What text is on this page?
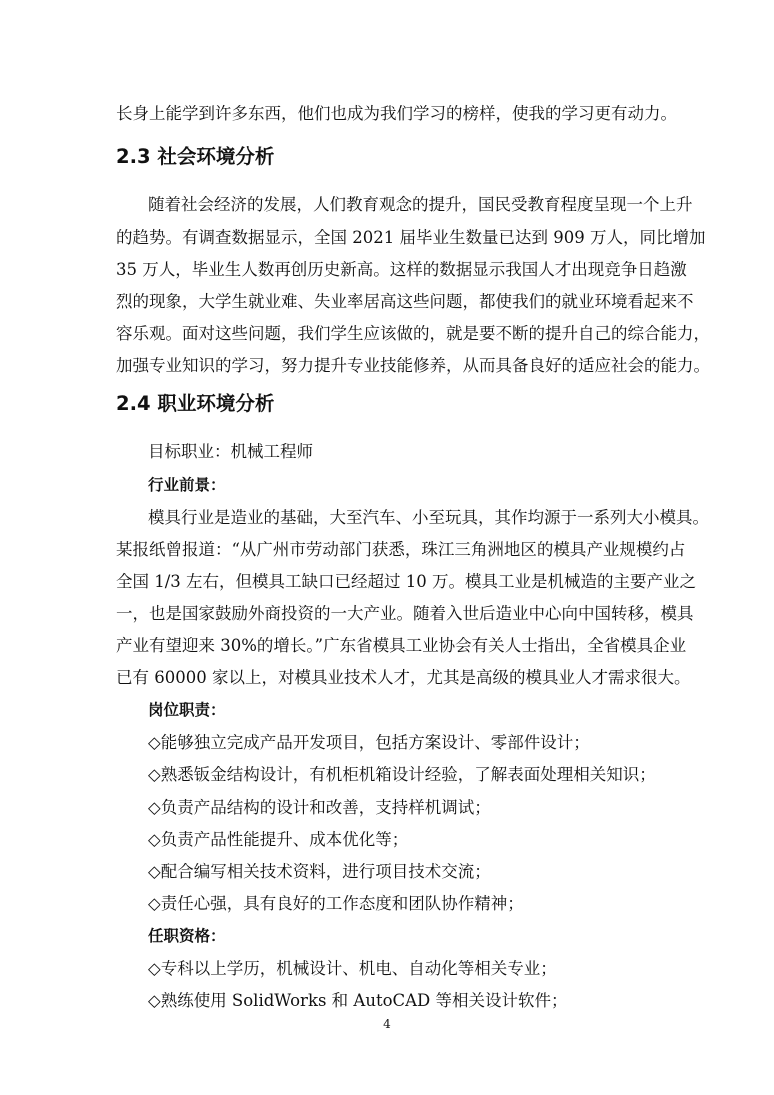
长身上能学到许多东西，他们也成为我们学习的榜样，使我的学习更有动力。
2.3 社会环境分析
随着社会经济的发展，人们教育观念的提升，国民受教育程度呈现一个上升
的趋势。有调查数据显示，全国 2021 届毕业生数量已达到 909 万人，同比增加
35 万人，毕业生人数再创历史新高。这样的数据显示我国人才出现竞争日趋激
烈的现象，大学生就业难、失业率居高这些问题，都使我们的就业环境看起来不
容乐观。面对这些问题，我们学生应该做的，就是要不断的提升自己的综合能力，
加强专业知识的学习，努力提升专业技能修养，从而具备良好的适应社会的能力。
2.4 职业环境分析
目标职业：机械工程师
行业前景：
模具行业是造业的基础，大至汽车、小至玩具，其作均源于一系列大小模具。
某报纸曾报道：“从广州市劳动部门获悉，珠江三角洲地区的模具产业规模约占
全国 1/3 左右，但模具工缺口已经超过 10 万。模具工业是机械造的主要产业之
一，也是国家鼓励外商投资的一大产业。随着入世后造业中心向中国转移，模具
产业有望迎来 30%的增长。”广东省模具工业协会有关人士指出，全省模具企业
已有 60000 家以上，对模具业技术人才，尤其是高级的模具业人才需求很大。
岗位职责：
◇能够独立完成产品开发项目，包括方案设计、零部件设计；
◇熟悉钣金结构设计，有机柜机箱设计经验，了解表面处理相关知识；
◇负责产品结构的设计和改善，支持样机调试；
◇负责产品性能提升、成本优化等；
◇配合编写相关技术资料，进行项目技术交流；
◇责任心强，具有良好的工作态度和团队协作精神；
任职资格：
◇专科以上学历，机械设计、机电、自动化等相关专业；
◇熟练使用 SolidWorks 和 AutoCAD 等相关设计软件；
4
